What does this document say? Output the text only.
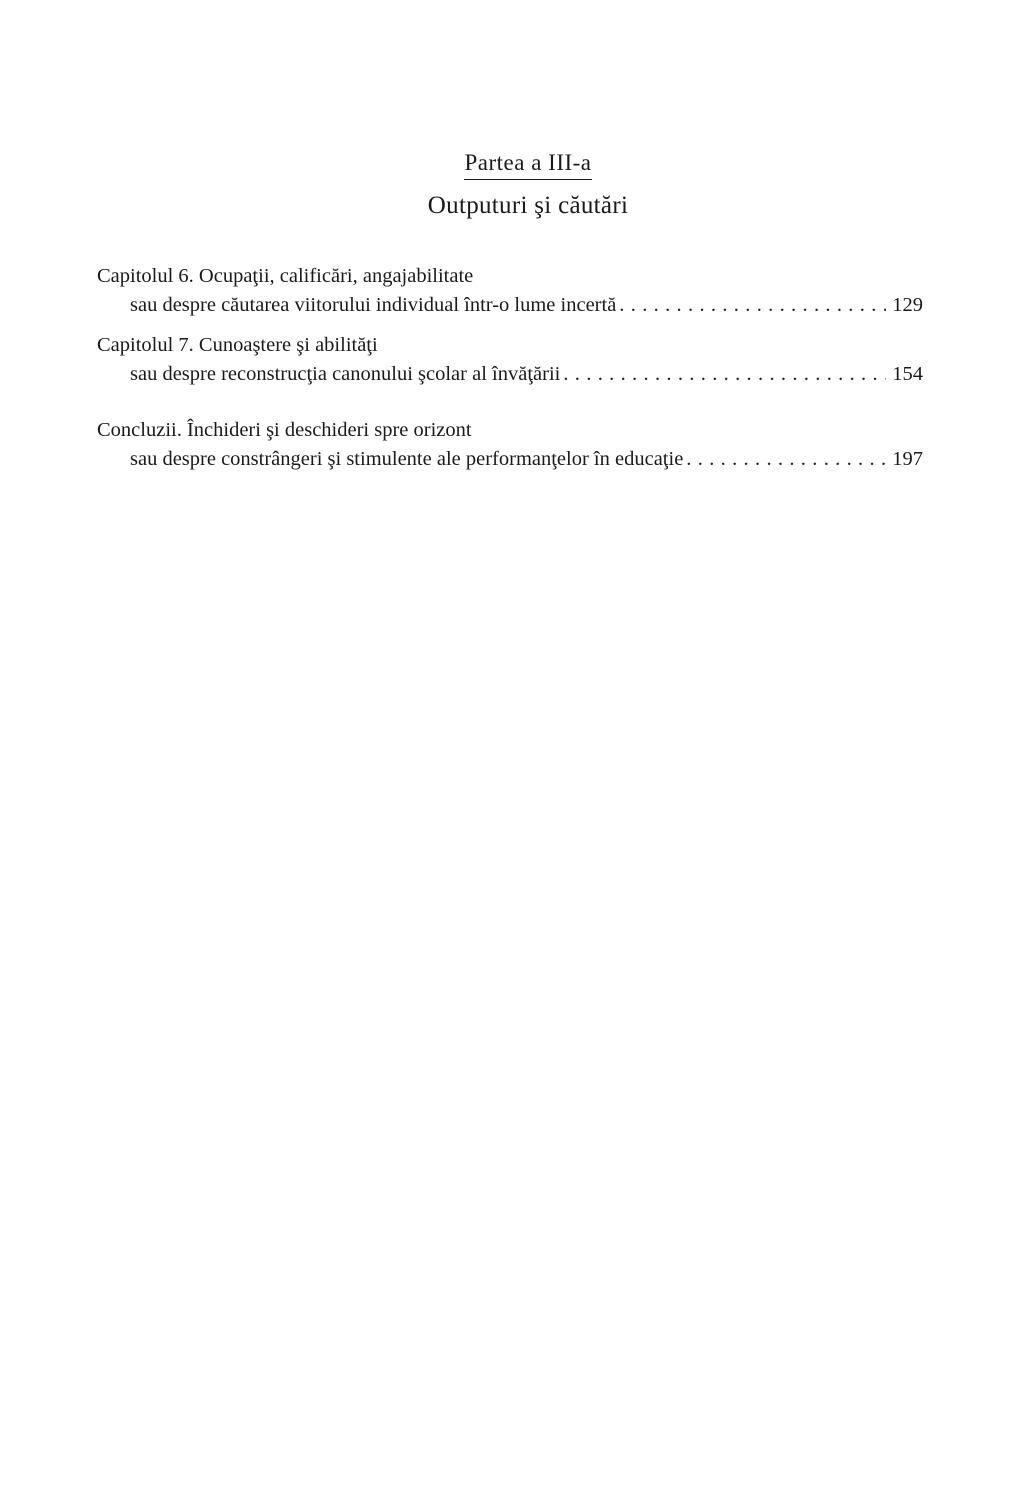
Partea a III-a
Outputuri şi căutări
Capitolul 6. Ocupaţii, calificări, angajabilitate
sau despre căutarea viitorului individual într-o lume incertă . . .	129
Capitolul 7. Cunoaştere şi abilităţi
sau despre reconstrucţia canonului şcolar al învăţării . . .	154
Concluzii. Închideri şi deschideri spre orizont
sau despre constrângeri şi stimulente ale performanţelor în educaţie . . .	197
